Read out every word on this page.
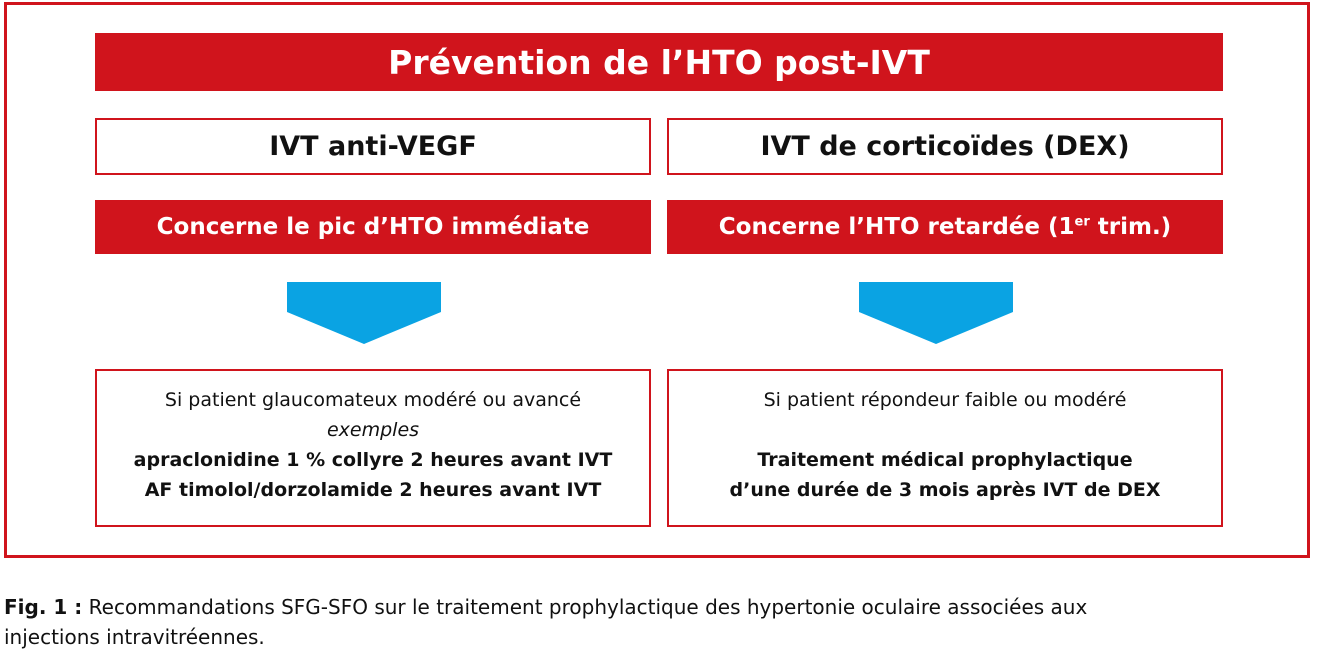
Prévention de l’HTO post-IVT
IVT anti-VEGF
Concerne le pic d’HTO immédiate
Si patient glaucomateux modéré ou avancé
exemples
apraclonidine 1 % collyre 2 heures avant IVT
AF timolol/dorzolamide 2 heures avant IVT
IVT de corticoïdes (DEX)
Concerne l’HTO retardée (1er trim.)
Si patient répondeur faible ou modéré
Traitement médical prophylactique
d’une durée de 3 mois après IVT de DEX
Fig. 1 : Recommandations SFG-SFO sur le traitement prophylactique des hypertonie oculaire associées aux
injections intravitréennes.
